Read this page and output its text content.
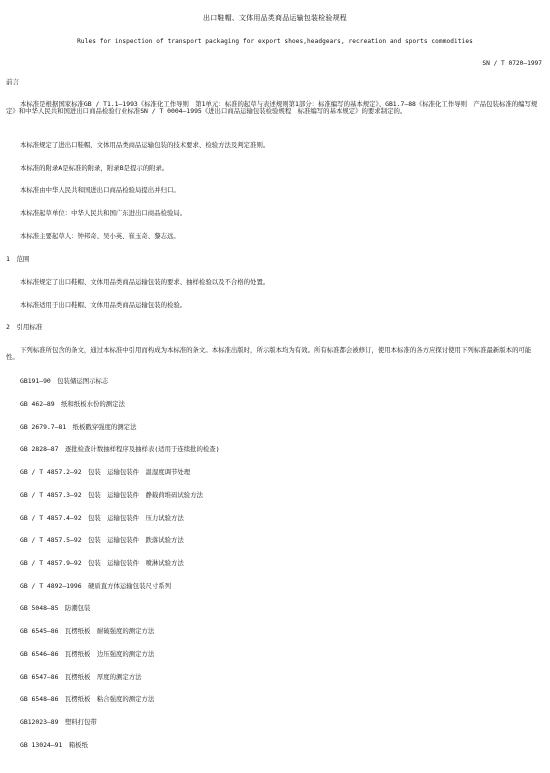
出口鞋帽、文体用品类商品运输包装检验规程
Rules for inspection of transport packaging for export shoes,headgears, recreation and sports commodities
SN / T 0720—1997
前言
本标准是根据国家标准GB / T1.1—1993《标准化工作导则　第1单元：标准的起草与表述规则第1部分：标准编写的基本规定》、GB1.7—88《标准化工作导则　产品包装标准的编写规定》和中华人民共和国进出口商品检验行业标准SN / T 0004—1995《进出口商品运输包装检验规程　标准编写的基本规定》的要求制定的。
本标准规定了进出口鞋帽、文体用品类商品运输包装的技术要求、检验方法及判定准则。
本标准的附录A是标准的附录，附录B是提示的附录。
本标准由中华人民共和国进出口商品检验局提出并归口。
本标准起草单位：中华人民共和国广东进出口商品检验局。
本标准主要起草人：钟邦奇、吴小英、崔玉奇、黎志远。
1　范围
本标准规定了出口鞋帽、文体用品类商品运输包装的要求、抽样检验以及不合格的处置。
本标准适用于出口鞋帽、文体用品类商品运输包装的检验。
2　引用标准
下列标准所包含的条文，通过本标准中引用而构成为本标准的条文。本标准出版时，所示版本均为有效。所有标准都会被修订，使用本标准的各方应探讨使用下列标准最新版本的可能性。
GB191—90　包装储运图示标志
GB 462—89　纸和纸板水份的测定法
GB 2679.7—81　纸板戳穿强度的测定法
GB 2828—87　逐批检查计数抽样程序及抽样表(适用于连续批的检查)
GB / T 4857.2—92　包装　运输包装件　温湿度调节处理
GB / T 4857.3—92　包装　运输包装件　静载荷堆码试验方法
GB / T 4857.4—92　包装　运输包装件　压力试验方法
GB / T 4857.5—92　包装　运输包装件　跌落试验方法
GB / T 4857.9—92　包装　运输包装件　喷淋试验方法
GB / T 4892—1996　硬质直方体运输包装尺寸系列
GB 5048—85　防潮包装
GB 6545—86　瓦楞纸板　耐破强度的测定方法
GB 6546—86　瓦楞纸板　边压强度的测定方法
GB 6547—86　瓦楞纸板　厚度的测定方法
GB 6548—86　瓦楞纸板　粘合强度的测定方法
GB12023—89　塑料打包带
GB 13024—91　箱板纸
